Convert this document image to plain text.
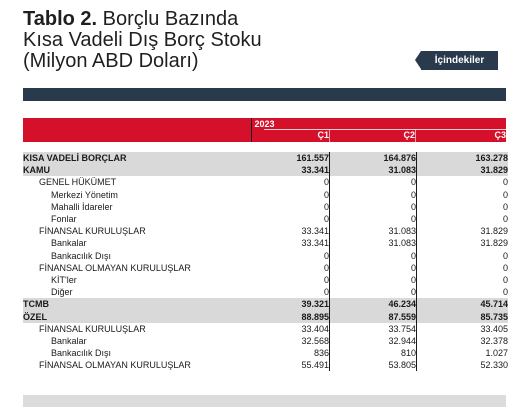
Tablo 2. Borçlu Bazında
Kısa Vadeli Dış Borç Stoku
(Milyon ABD Doları)	İçindekiler
2023
Ç1	Ç2	Ç3
KISA VADELİ BORÇLAR	161.557	164.876	163.278
KAMU	33.341	31.083	31.829
GENEL HÜKÜMET	0	0	0
Merkezi Yönetim	0	0	0
Mahalli İdareler	0	0	0
Fonlar	0	0	0
FİNANSAL KURULUŞLAR	33.341	31.083	31.829
Bankalar	33.341	31.083	31.829
Bankacılık Dışı	0	0	0
FİNANSAL OLMAYAN KURULUŞLAR	0	0	0
KİT'ler	0	0	0
Diğer	0	0	0
TCMB	39.321	46.234	45.714
ÖZEL	88.895	87.559	85.735
FİNANSAL KURULUŞLAR	33.404	33.754	33.405
Bankalar	32.568	32.944	32.378
Bankacılık Dışı	836	810	1.027
FİNANSAL OLMAYAN KURULUŞLAR	55.491	53.805	52.330
